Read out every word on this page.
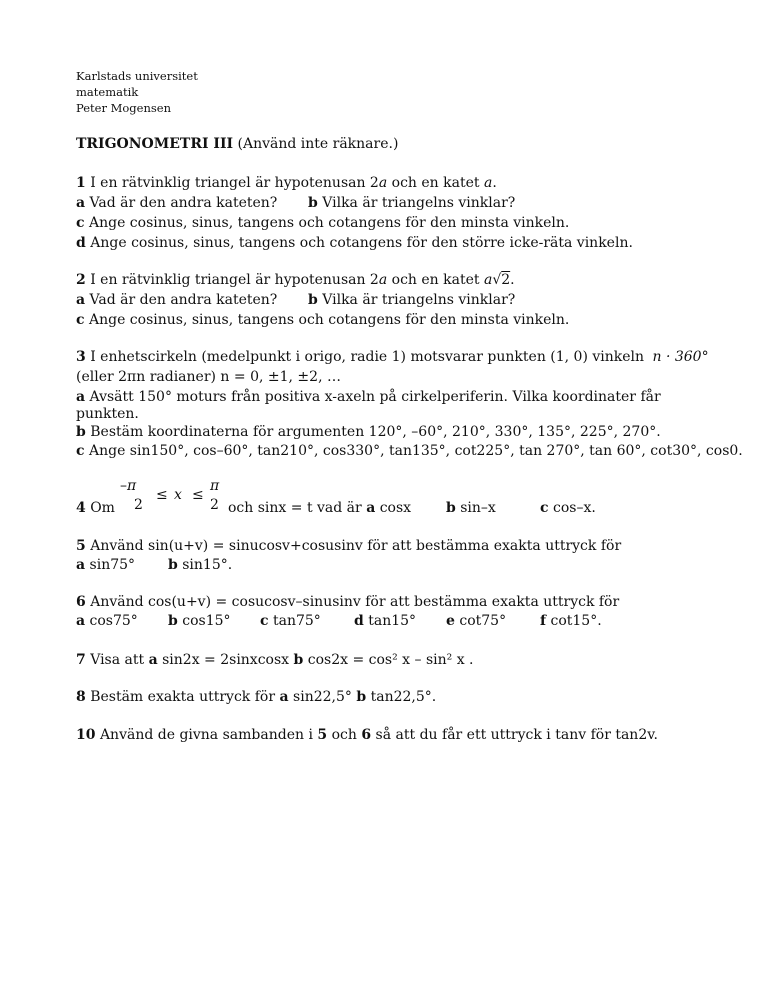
Karlstads universitet
matematik
Peter Mogensen
TRIGONOMETRI III (Använd inte räknare.)
1 I en rätvinklig triangel är hypotenusan 2a och en katet a.
a Vad är den andra kateten? b Vilka är triangelns vinklar?
c Ange cosinus, sinus, tangens och cotangens för den minsta vinkeln.
d Ange cosinus, sinus, tangens och cotangens för den större icke-räta vinkeln.
2 I en rätvinklig triangel är hypotenusan 2a och en katet a√2.
a Vad är den andra kateten? b Vilka är triangelns vinklar?
c Ange cosinus, sinus, tangens och cotangens för den minsta vinkeln.
3 I enhetscirkeln (medelpunkt i origo, radie 1) motsvarar punkten (1, 0) vinkeln n · 360°
(eller 2πn radianer) n = 0, ±1, ±2, …
a Avsätt 150° moturs från positiva x-axeln på cirkelperiferin. Vilka koordinater får
punkten.
b Bestäm koordinaterna för argumenten 120°, –60°, 210°, 330°, 135°, 225°, 270°.
c Ange sin150°, cos–60°, tan210°, cos330°, tan135°, cot225°, tan 270°, tan 60°, cot30°, cos0.
4 Om
–π
2
≤ x ≤
π
2 och sinx = t vad är a cosx b sin–x	c cos–x.
5 Använd sin(u+v) = sinucosv+cosusinv för att bestämma exakta uttryck för
a sin75° b sin15°.
6 Använd cos(u+v) = cosucosv–sinusinv för att bestämma exakta uttryck för
a cos75° b cos15° c tan75° d tan15° e cot75° f cot15°.
7 Visa att a sin2x = 2sinxcosx b cos2x = cos² x – sin² x .
8 Bestäm exakta uttryck för a sin22,5° b tan22,5°.
10 Använd de givna sambanden i 5 och 6 så att du får ett uttryck i tanv för tan2v.
